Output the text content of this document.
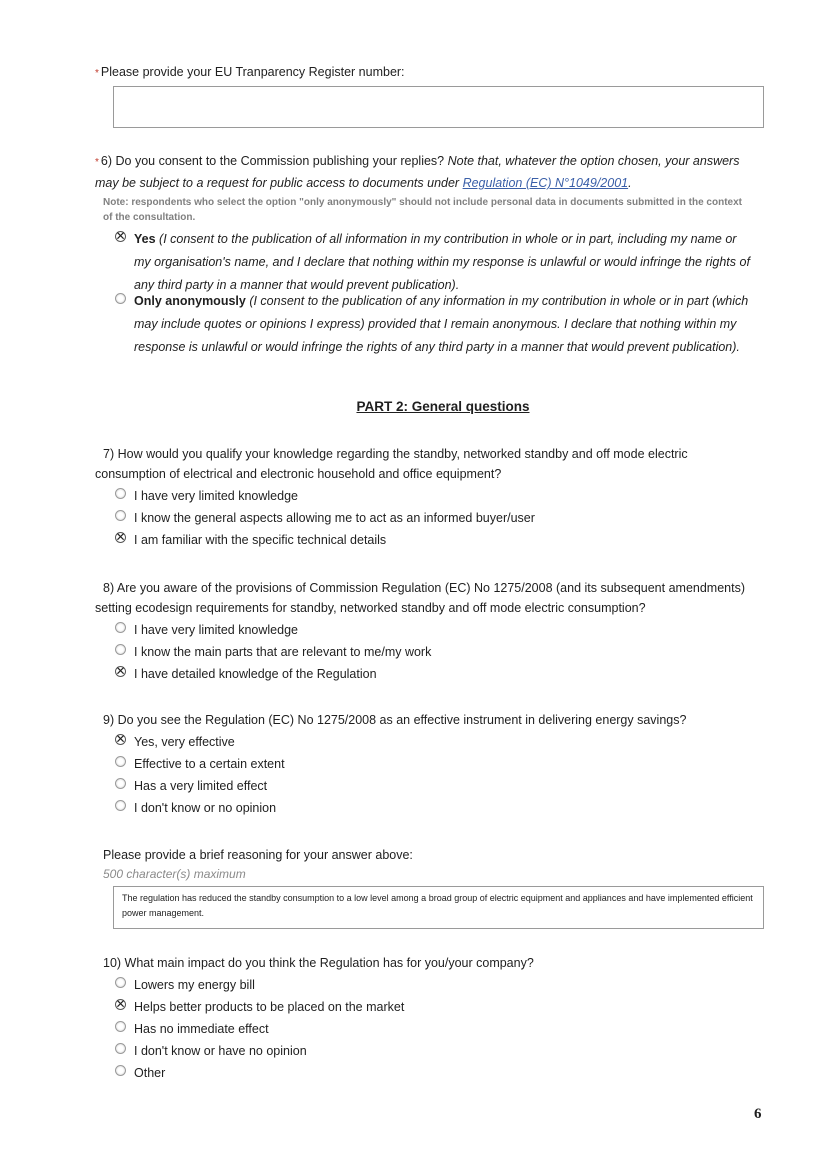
* Please provide your EU Tranparency Register number:
* 6) Do you consent to the Commission publishing your replies? Note that, whatever the option chosen, your answers may be subject to a request for public access to documents under Regulation (EC) N°1049/2001.
Note: respondents who select the option "only anonymously" should not include personal data in documents submitted in the context of the consultation.
✕
Yes (I consent to the publication of all information in my contribution in whole or in part, including my name or my organisation's name, and I declare that nothing within my response is unlawful or would infringe the rights of any third party in a manner that would prevent publication).
Only anonymously (I consent to the publication of any information in my contribution in whole or in part (which may include quotes or opinions I express) provided that I remain anonymous. I declare that nothing within my response is unlawful or would infringe the rights of any third party in a manner that would prevent publication).
PART 2: General questions
7) How would you qualify your knowledge regarding the standby, networked standby and off mode electric consumption of electrical and electronic household and office equipment?
I have very limited knowledge
I know the general aspects allowing me to act as an informed buyer/user
✕
I am familiar with the specific technical details
8) Are you aware of the provisions of Commission Regulation (EC) No 1275/2008 (and its subsequent amendments) setting ecodesign requirements for standby, networked standby and off mode electric consumption?
I have very limited knowledge
I know the main parts that are relevant to me/my work
✕
I have detailed knowledge of the Regulation
9) Do you see the Regulation (EC) No 1275/2008 as an effective instrument in delivering energy savings?
✕
Yes, very effective
Effective to a certain extent
Has a very limited effect
I don't know or no opinion
Please provide a brief reasoning for your answer above:
500 character(s) maximum
The regulation has reduced the standby consumption to a low level among a broad group of electric equipment and appliances and have implemented efficient power management.
10) What main impact do you think the Regulation has for you/your company?
Lowers my energy bill
✕
Helps better products to be placed on the market
Has no immediate effect
I don't know or have no opinion
Other
6
